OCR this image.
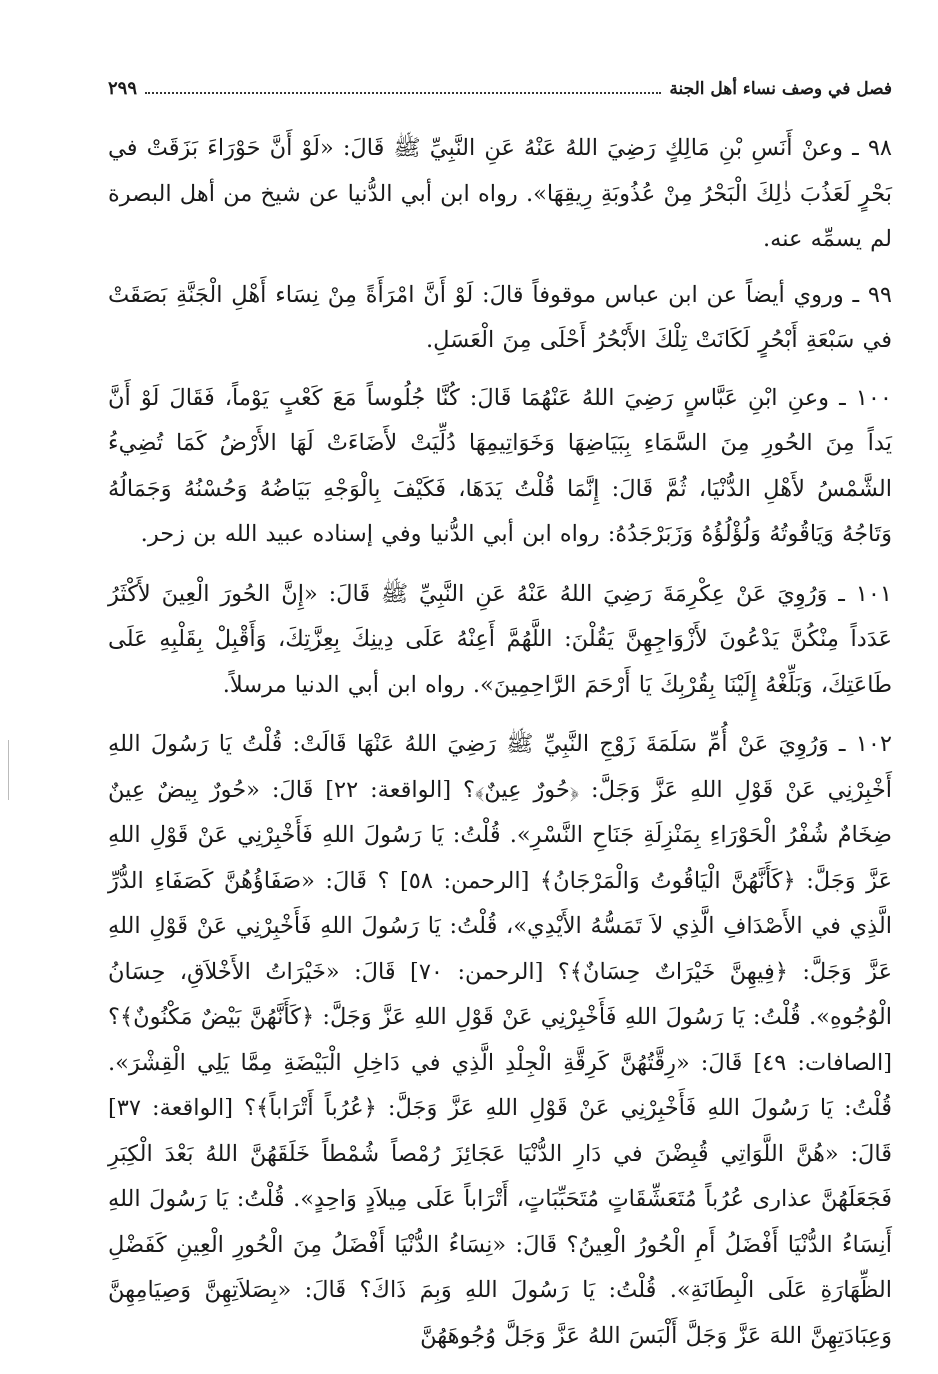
فصل في وصف نساء أهل الجنة
٢٩٩

٩٨ ـ وعنْ أَنَسِ بْنِ مَالِكٍ رَضِيَ اللهُ عَنْهُ عَنِ النَّبِيِّ ﷺ قَالَ: «لَوْ أَنَّ حَوْرَاءَ بَزَقَتْ في بَحْرٍ لَعَذُبَ ذٰلِكَ الْبَحْرُ مِنْ عُذُوبَةِ رِيقِهَا». رواه ابن أبي الدُّنيا عن شيخ من أهل البصرة لم يسمِّه عنه.

٩٩ ـ وروي أيضاً عن ابن عباس موقوفاً قالَ: لَوْ أَنَّ امْرَأَةً مِنْ نِسَاء أَهْلِ الْجَنَّةِ بَصَقَتْ في سَبْعَةِ أَبْحُرٍ لَكَانَتْ تِلْكَ الأَبْحُرُ أَحْلَى مِنَ الْعَسَلِ.

١٠٠ ـ وعنِ ابْنِ عَبَّاسٍ رَضِيَ اللهُ عَنْهُمَا قَالَ: كُنَّا جُلُوساً مَعَ كَعْبٍ يَوْماً، فَقَالَ لَوْ أَنَّ يَداً مِنَ الحُورِ مِنَ السَّمَاءِ بِبَيَاضِهَا وَخَوَاتِيمِهَا دُلِّيَتْ لأَضَاءَتْ لَهَا الأَرْضُ كَمَا تُضِيءُ الشَّمْسُ لأَهْلِ الدُّنْيَا، ثُمَّ قَالَ: إِنَّمَا قُلْتُ يَدَهَا، فَكَيْفَ بِالْوَجْهِ بَيَاضُهُ وَحُسْنُهُ وَجَمَالُهُ وَتَاجُهُ وَيَاقُوتُهُ وَلُؤْلُؤُهُ وَزَبَرْجَدُهُ: رواه ابن أبي الدُّنيا وفي إسناده عبيد الله بن زحر.

١٠١ ـ وَرُوِيَ عَنْ عِكْرِمَةَ رَضِيَ اللهُ عَنْهُ عَنِ النَّبِيِّ ﷺ قَالَ: «إِنَّ الحُورَ الْعِينَ لأَكْثَرُ عَدَداً مِنْكُنَّ يَدْعُونَ لأَزْوَاجِهِنَّ يَقُلْنَ: اللَّهُمَّ أَعِنْهُ عَلَى دِينِكَ بِعِزَّتِكَ، وَأَقْبِلْ بِقَلْبِهِ عَلَى طَاعَتِكَ، وَبَلِّغْهُ إِلَيْنَا بِقُرْبِكَ يَا أَرْحَمَ الرَّاحِمِينَ». رواه ابن أبي الدنيا مرسلاً.

١٠٢ ـ وَرُوِيَ عَنْ أُمِّ سَلَمَةَ زَوْجِ النَّبِيِّ ﷺ رَضِيَ اللهُ عَنْهَا قَالَتْ: قُلْتُ يَا رَسُولَ اللهِ أَخْبِرْنِي عَنْ قَوْلِ اللهِ عَزَّ وَجَلَّ: ﴿حُورٌ عِينٌ﴾؟ [الواقعة: ٢٢] قَالَ: «حُورٌ بِيضٌ عِينٌ ضِخَامٌ شُفْرُ الْحَوْرَاءِ بِمَنْزِلَةِ جَنَاحِ النَّسْرِ». قُلْتُ: يَا رَسُولَ اللهِ فَأَخْبِرْنِي عَنْ قَوْلِ اللهِ عَزَّ وَجَلَّ: ﴿كَأَنَّهُنَّ الْيَاقُوتُ وَالْمَرْجَانُ﴾ [الرحمن: ٥٨] ؟ قَالَ: «صَفَاؤُهُنَّ كَصَفَاءِ الدُّرِّ الَّذِي في الأَصْدَافِ الَّذِي لاَ تَمَسُّهُ الأَيْدِي»، قُلْتُ: يَا رَسُولَ اللهِ فَأَخْبِرْنِي عَنْ قَوْلِ اللهِ عَزَّ وَجَلَّ: ﴿فِيهِنَّ خَيْرَاتٌ حِسَانٌ﴾؟ [الرحمن: ٧٠] قَالَ: «خَيْرَاتُ الأَخْلاَقِ، حِسَانُ الْوُجُوهِ». قُلْتُ: يَا رَسُولَ اللهِ فَأَخْبِرْنِي عَنْ قَوْلِ اللهِ عَزَّ وَجَلَّ: ﴿كَأَنَّهُنَّ بَيْضٌ مَكْنُونٌ﴾؟[الصافات: ٤٩] قَالَ: «رِقَّتُهُنَّ كَرِقَّةِ الْجِلْدِ الَّذِي في دَاخِلِ الْبَيْضَةِ مِمَّا يَلِي الْقِشْرَ». قُلْتُ: يَا رَسُولَ اللهِ فَأَخْبِرْنِي عَنْ قَوْلِ اللهِ عَزَّ وَجَلَّ: ﴿عُرُباً أَتْرَاباً﴾؟ [الواقعة: ٣٧] قَالَ: «هُنَّ اللَّوَاتِي قُبِضْنَ في دَارِ الدُّنْيَا عَجَائِزَ رُمْصاً شُمْطاً خَلَقَهُنَّ اللهُ بَعْدَ الْكِبَرِ فَجَعَلَهُنَّ عذارى عُرُباً مُتَعَشِّقَاتٍ مُتَحَبِّبَاتٍ، أَتْرَاباً عَلَى مِيلاَدٍ وَاحِدٍ». قُلْتُ: يَا رَسُولَ اللهِ أَنِسَاءُ الدُّنْيَا أَفْضَلُ أَمِ الْحُورُ الْعِينُ؟ قَالَ: «نِسَاءُ الدُّنْيَا أَفْضَلُ مِنَ الْحُورِ الْعِينِ كَفَضْلِ الظِّهَارَةِ عَلَى الْبِطَانَةِ». قُلْتُ: يَا رَسُولَ اللهِ وَبِمَ ذَاكَ؟ قَالَ: «بِصَلاَتِهِنَّ وَصِيَامِهِنَّ وَعِبَادَتِهِنَّ اللهَ عَزَّ وَجَلَّ أَلْبَسَ اللهُ عَزَّ وَجَلَّ وُجُوهَهُنَّ
